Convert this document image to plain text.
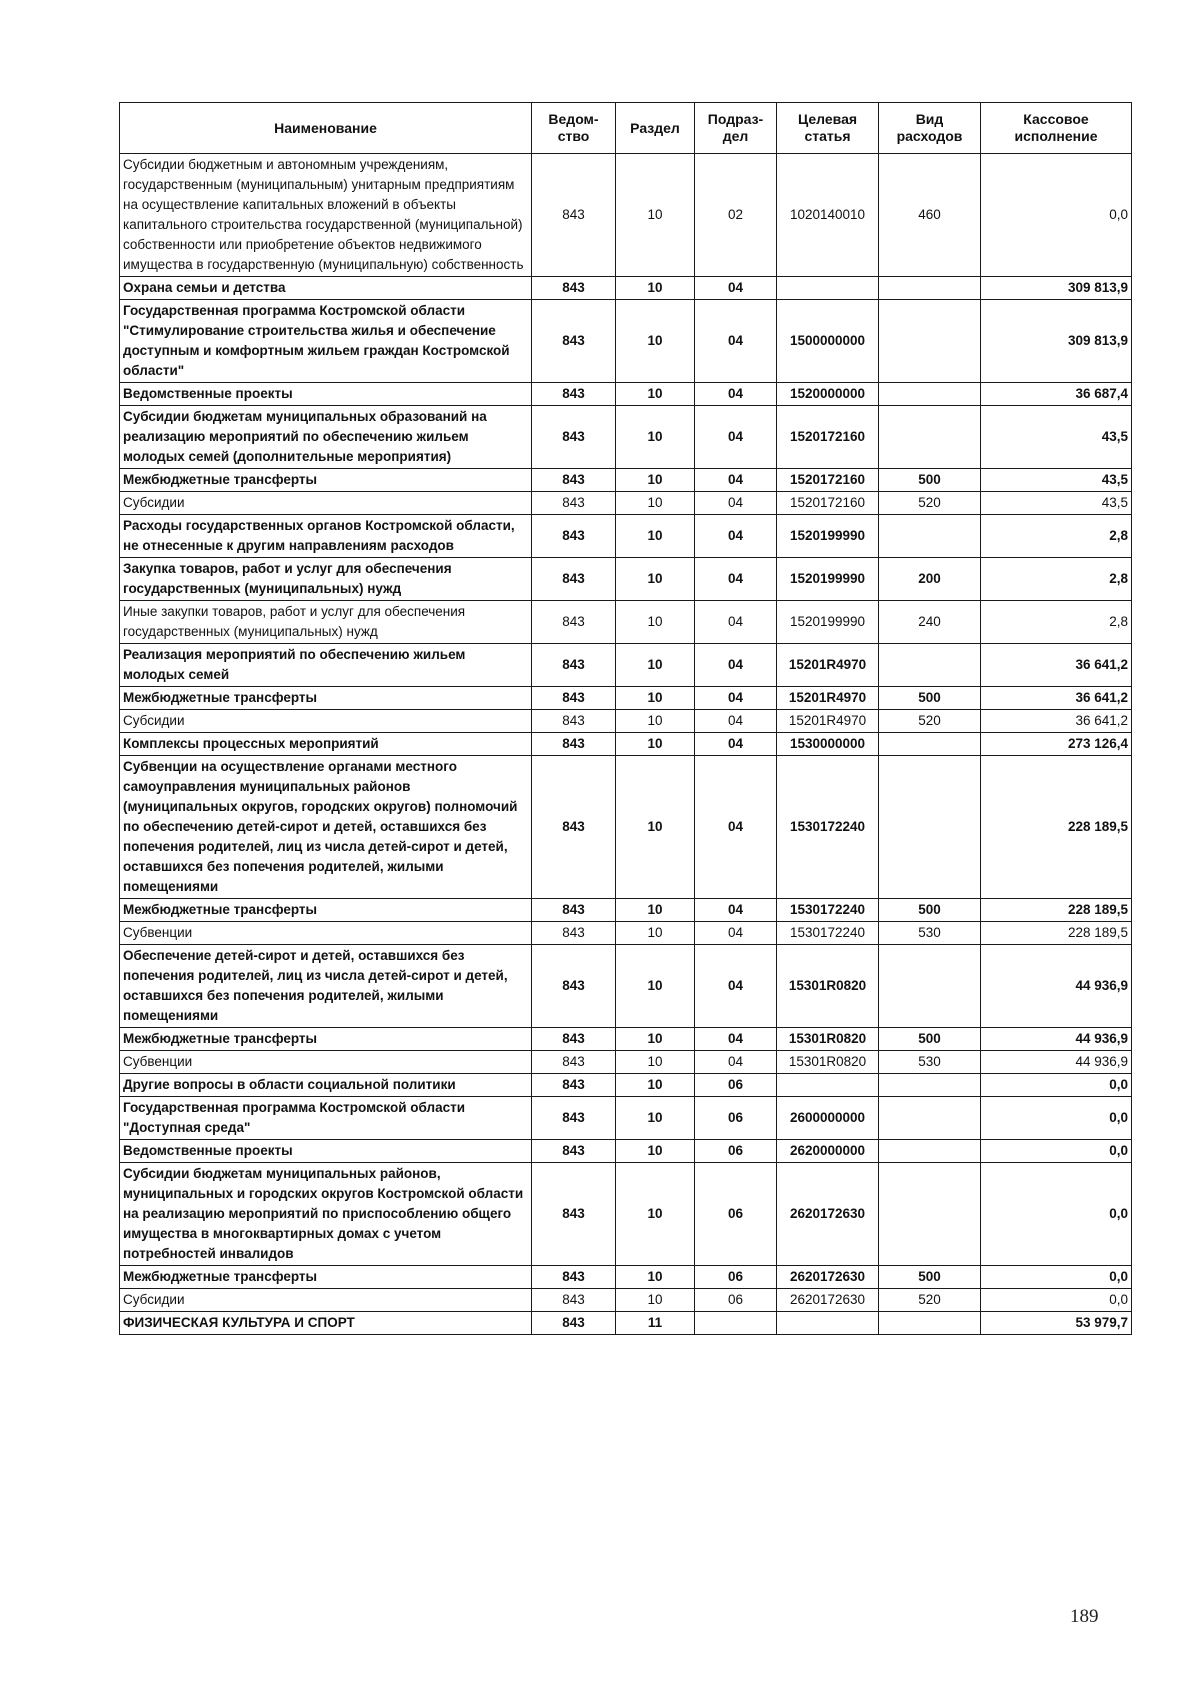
Наименование	Ведом-ство	Раздел	Подраз-дел	Целевая статья	Вид расходов	Кассовое исполнение
Субсидии бюджетным и автономным учреждениям, государственным (муниципальным) унитарным предприятиям на осуществление капитальных вложений в объекты капитального строительства государственной (муниципальной) собственности или приобретение объектов недвижимого имущества в государственную (муниципальную) собственность	843	10	02	1020140010	460	0,0
Охрана семьи и детства	843	10	04			309 813,9
Государственная программа Костромской области "Стимулирование строительства жилья и обеспечение доступным и комфортным жильем граждан Костромской области"	843	10	04	1500000000		309 813,9
Ведомственные проекты	843	10	04	1520000000		36 687,4
Субсидии бюджетам муниципальных образований на реализацию мероприятий по обеспечению жильем молодых семей (дополнительные мероприятия)	843	10	04	1520172160		43,5
Межбюджетные трансферты	843	10	04	1520172160	500	43,5
Субсидии	843	10	04	1520172160	520	43,5
Расходы государственных органов Костромской области, не отнесенные к другим направлениям расходов	843	10	04	1520199990		2,8
Закупка товаров, работ и услуг для обеспечения государственных (муниципальных) нужд	843	10	04	1520199990	200	2,8
Иные закупки товаров, работ и услуг для обеспечения государственных (муниципальных) нужд	843	10	04	1520199990	240	2,8
Реализация мероприятий по обеспечению жильем молодых семей	843	10	04	15201R4970		36 641,2
Межбюджетные трансферты	843	10	04	15201R4970	500	36 641,2
Субсидии	843	10	04	15201R4970	520	36 641,2
Комплексы процессных мероприятий	843	10	04	1530000000		273 126,4
Субвенции на осуществление органами местного самоуправления муниципальных районов (муниципальных округов, городских округов) полномочий по обеспечению детей-сирот и детей, оставшихся без попечения родителей, лиц из числа детей-сирот и детей, оставшихся без попечения родителей, жилыми помещениями	843	10	04	1530172240		228 189,5
Межбюджетные трансферты	843	10	04	1530172240	500	228 189,5
Субвенции	843	10	04	1530172240	530	228 189,5
Обеспечение детей-сирот и детей, оставшихся без попечения родителей, лиц из числа детей-сирот и детей, оставшихся без попечения родителей, жилыми помещениями	843	10	04	15301R0820		44 936,9
Межбюджетные трансферты	843	10	04	15301R0820	500	44 936,9
Субвенции	843	10	04	15301R0820	530	44 936,9
Другие вопросы в области социальной политики	843	10	06			0,0
Государственная программа Костромской области "Доступная среда"	843	10	06	2600000000		0,0
Ведомственные проекты	843	10	06	2620000000		0,0
Субсидии бюджетам муниципальных районов, муниципальных и городских округов Костромской области на реализацию мероприятий по приспособлению общего имущества в многоквартирных домах с учетом потребностей инвалидов	843	10	06	2620172630		0,0
Межбюджетные трансферты	843	10	06	2620172630	500	0,0
Субсидии	843	10	06	2620172630	520	0,0
ФИЗИЧЕСКАЯ КУЛЬТУРА И СПОРТ	843	11				53 979,7
189
